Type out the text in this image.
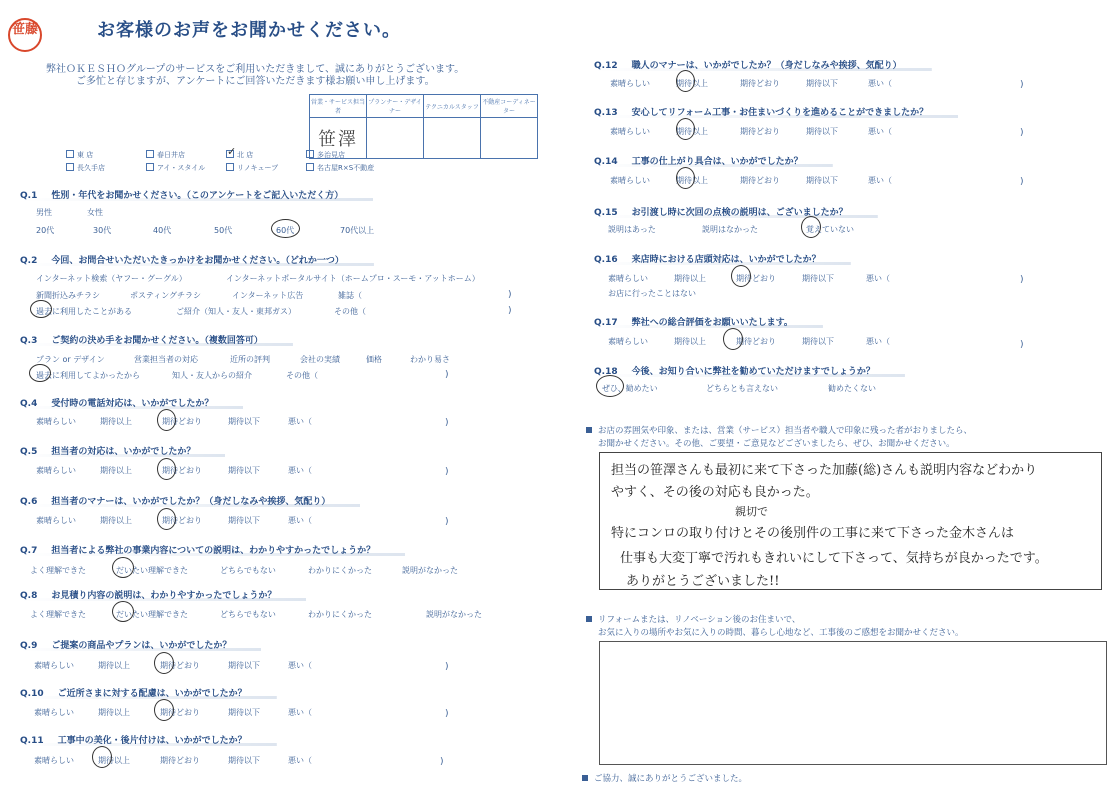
笹藤	お客様のお声をお聞かせください。
弊社ＯＫＥＳＨＯグループのサービスをご利用いただきまして、誠にありがとうございます。
ご多忙と存じますが、アンケートにご回答いただきます様お願い申し上げます。
営業・サービス担当者	プランナー・デザイナー	テクニカルスタッフ	不動産コーディネーター
笹澤			
東 店	春日井店	✓ 北 店	多治見店
長久手店	アイ・スタイル	リノキューブ	名古屋R×S不動産
Q.1 性別・年代をお聞かせください。（このアンケートをご記入いただく方）
男性	女性
20代	30代	40代	50代	60代	70代以上
Q.2 今回、お問合せいただいたきっかけをお聞かせください。（どれか一つ）
インターネット検索（ヤフー・グーグル）	インターネットポータルサイト（ホームプロ・スーモ・アットホーム）
新聞折込みチラシ	ポスティングチラシ	インターネット広告	雑誌（	)
過去に利用したことがある	ご紹介（知人・友人・東邦ガス）	その他（	)
Q.3 ご契約の決め手をお聞かせください。（複数回答可）
プラン or デザイン	営業担当者の対応	近所の評判	会社の実績	価格	わかり易さ
過去に利用してよかったから	知人・友人からの紹介	その他（	)
Q.4 受付時の電話対応は、いかがでしたか？
素晴らしい	期待以上	期待どおり	期待以下	悪い（	)
Q.5 担当者の対応は、いかがでしたか？
素晴らしい	期待以上	期待どおり	期待以下	悪い（	)
Q.6 担当者のマナーは、いかがでしたか？（身だしなみや挨拶、気配り）
素晴らしい	期待以上	期待どおり	期待以下	悪い（	)
Q.7 担当者による弊社の事業内容についての説明は、わかりやすかったでしょうか？
よく理解できた	だいたい理解できた	どちらでもない	わかりにくかった	説明がなかった
Q.8 お見積り内容の説明は、わかりやすかったでしょうか？
よく理解できた	だいたい理解できた	どちらでもない	わかりにくかった	説明がなかった
Q.9 ご提案の商品やプランは、いかがでしたか？
素晴らしい	期待以上	期待どおり	期待以下	悪い（	)
Q.10 ご近所さまに対する配慮は、いかがでしたか？
素晴らしい	期待以上	期待どおり	期待以下	悪い（	)
Q.11 工事中の美化・後片付けは、いかがでしたか？
素晴らしい	期待以上	期待どおり	期待以下	悪い（	)
Q.12 職人のマナーは、いかがでしたか？（身だしなみや挨拶、気配り）
素晴らしい	期待以上	期待どおり	期待以下	悪い（	)
Q.13 安心してリフォーム工事・お住まいづくりを進めることができましたか？
素晴らしい	期待以上	期待どおり	期待以下	悪い（	)
Q.14 工事の仕上がり具合は、いかがでしたか？
素晴らしい	期待以上	期待どおり	期待以下	悪い（	)
Q.15 お引渡し時に次回の点検の説明は、ございましたか？
説明はあった	説明はなかった	覚えていない
Q.16 来店時における店頭対応は、いかがでしたか？
素晴らしい	期待以上	期待どおり	期待以下	悪い（	)
お店に行ったことはない
Q.17 弊社への総合評価をお願いいたします。
素晴らしい	期待以上	期待どおり	期待以下	悪い（	)
Q.18 今後、お知り合いに弊社を勧めていただけますでしょうか？
ぜひ、勧めたい	どちらとも言えない	勧めたくない
お店の雰囲気や印象、または、営業（サービス）担当者や職人で印象に残った者がおりましたら、
お聞かせください。その他、ご要望・ご意見などございましたら、ぜひ、お聞かせください。
担当の笹澤さんも最初に来て下さった加藤(総)さんも説明内容などわかり
やすく、その後の対応も良かった。
親切で
特にコンロの取り付けとその後別件の工事に来て下さった金木さんは
仕事も大変丁寧で汚れもきれいにして下さって、気持ちが良かったです。
ありがとうございました!!
リフォームまたは、リノベーション後のお住まいで、
お気に入りの場所やお気に入りの時間、暮らし心地など、工事後のご感想をお聞かせください。
ご協力、誠にありがとうございました。
